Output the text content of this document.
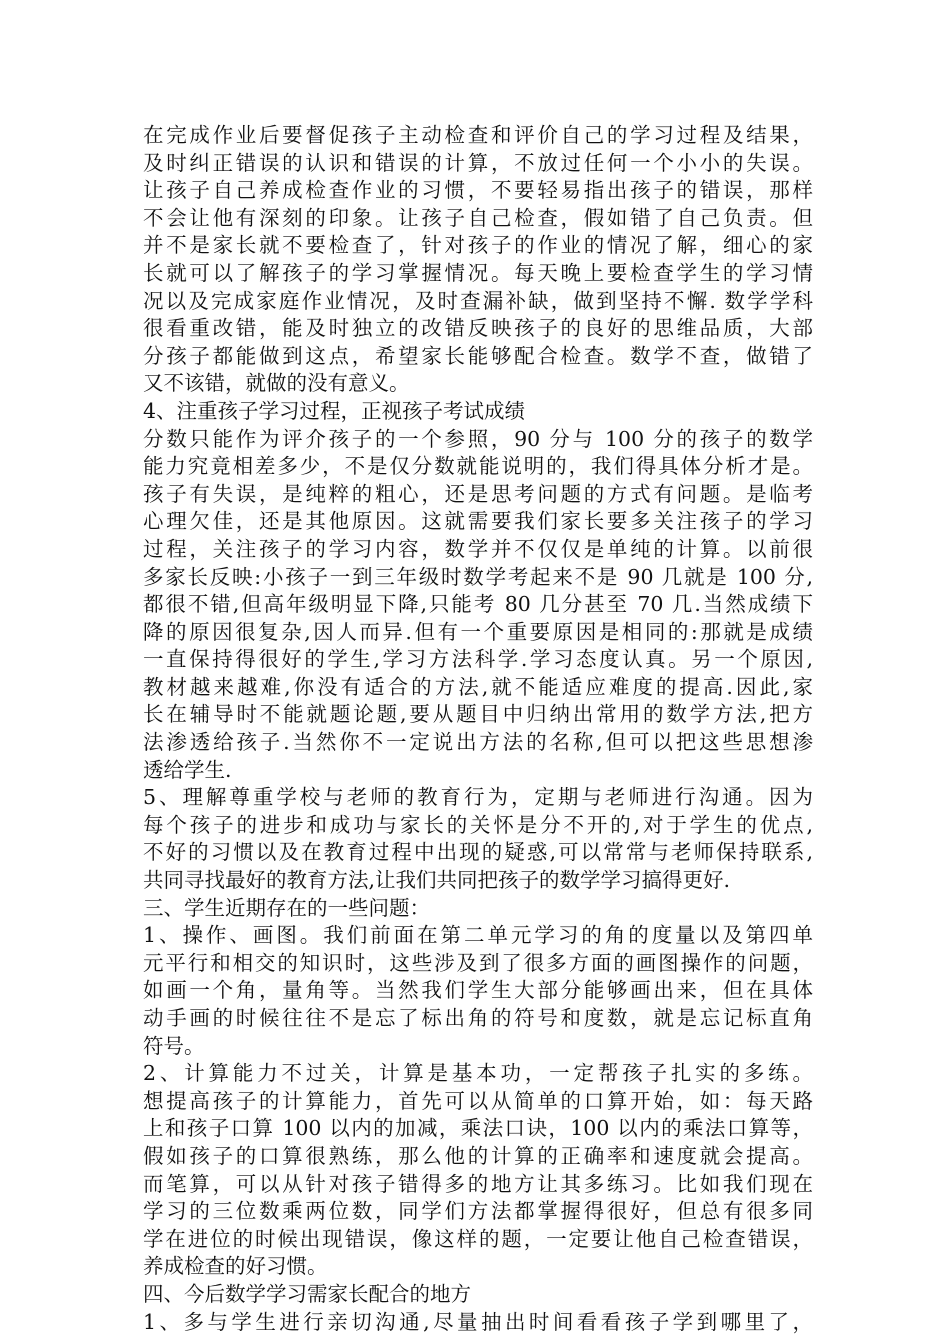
在完成作业后要督促孩子主动检查和评价自己的学习过程及结果，
及时纠正错误的认识和错误的计算，不放过任何一个小小的失误。
让孩子自己养成检查作业的习惯，不要轻易指出孩子的错误，那样
不会让他有深刻的印象。让孩子自己检查，假如错了自己负责。但
并不是家长就不要检查了，针对孩子的作业的情况了解，细心的家
长就可以了解孩子的学习掌握情况。每天晚上要检查学生的学习情
况以及完成家庭作业情况，及时查漏补缺，做到坚持不懈. 数学学科
很看重改错，能及时独立的改错反映孩子的良好的思维品质，大部
分孩子都能做到这点，希望家长能够配合检查。数学不查，做错了
又不该错，就做的没有意义。
4、注重孩子学习过程，正视孩子考试成绩
分数只能作为评介孩子的一个参照，90 分与 100 分的孩子的数学
能力究竟相差多少，不是仅分数就能说明的，我们得具体分析才是。
孩子有失误，是纯粹的粗心，还是思考问题的方式有问题。是临考
心理欠佳，还是其他原因。这就需要我们家长要多关注孩子的学习
过程，关注孩子的学习内容，数学并不仅仅是单纯的计算。以前很
多家长反映:小孩子一到三年级时数学考起来不是 90 几就是 100 分,
都很不错,但高年级明显下降,只能考 80 几分甚至 70 几.当然成绩下
降的原因很复杂,因人而异.但有一个重要原因是相同的:那就是成绩
一直保持得很好的学生,学习方法科学.学习态度认真。另一个原因,
教材越来越难,你没有适合的方法,就不能适应难度的提高.因此,家
长在辅导时不能就题论题,要从题目中归纳出常用的数学方法,把方
法渗透给孩子.当然你不一定说出方法的名称,但可以把这些思想渗
透给学生.
5、理解尊重学校与老师的教育行为，定期与老师进行沟通。因为
每个孩子的进步和成功与家长的关怀是分不开的,对于学生的优点,
不好的习惯以及在教育过程中出现的疑惑,可以常常与老师保持联系,
共同寻找最好的教育方法,让我们共同把孩子的数学学习搞得更好.
三、学生近期存在的一些问题：
1、操作、画图。我们前面在第二单元学习的角的度量以及第四单
元平行和相交的知识时，这些涉及到了很多方面的画图操作的问题，
如画一个角，量角等。当然我们学生大部分能够画出来，但在具体
动手画的时候往往不是忘了标出角的符号和度数，就是忘记标直角
符号。
2、计算能力不过关，计算是基本功，一定帮孩子扎实的多练。
想提高孩子的计算能力，首先可以从简单的口算开始，如：每天路
上和孩子口算 100 以内的加减，乘法口诀，100 以内的乘法口算等，
假如孩子的口算很熟练，那么他的计算的正确率和速度就会提高。
而笔算，可以从针对孩子错得多的地方让其多练习。比如我们现在
学习的三位数乘两位数，同学们方法都掌握得很好，但总有很多同
学在进位的时候出现错误，像这样的题，一定要让他自己检查错误，
养成检查的好习惯。
四、今后数学学习需家长配合的地方
1、多与学生进行亲切沟通,尽量抽出时间看看孩子学到哪里了，
